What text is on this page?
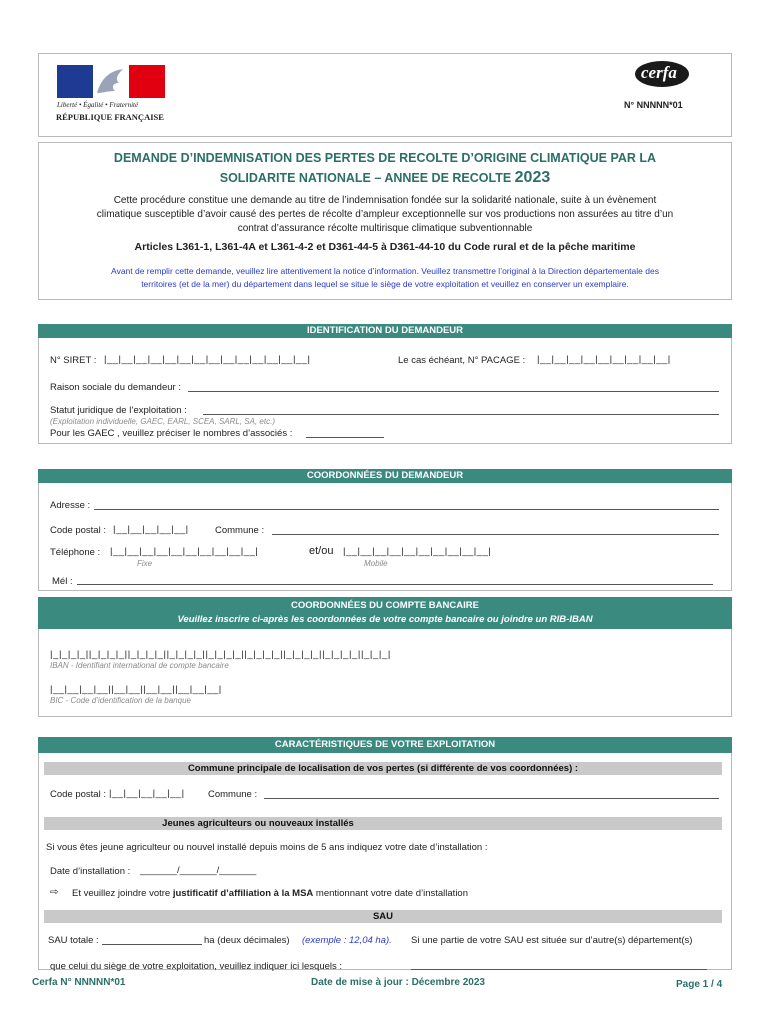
Liberté • Égalité • Fraternité
RÉPUBLIQUE FRANÇAISE
cerfa
N° NNNNN*01
DEMANDE D’INDEMNISATION DES PERTES DE RECOLTE D’ORIGINE CLIMATIQUE PAR LA
SOLIDARITE NATIONALE – ANNEE DE RECOLTE 2023
Cette procédure constitue une demande au titre de l’indemnisation fondée sur la solidarité nationale, suite à un évènement
climatique susceptible d’avoir causé des pertes de récolte d’ampleur exceptionnelle sur vos productions non assurées au titre d’un
contrat d’assurance récolte multirisque climatique subventionnable
Articles L361-1, L361-4A et L361-4-2 et D361-44-5 à D361-44-10 du Code rural et de la pêche maritime
Avant de remplir cette demande, veuillez lire attentivement la notice d’information. Veuillez transmettre l’original à la Direction départementale des
territoires (et de la mer) du département dans lequel se situe le siège de votre exploitation et veuillez en conserver un exemplaire.
IDENTIFICATION DU DEMANDEUR
N° SIRET : |__|__|__|__|__|__|__|__|__|__|__|__|__|__|	Le cas échéant, N° PACAGE : |__|__|__|__|__|__|__|__|__|
Raison sociale du demandeur :
Statut juridique de l’exploitation :
(Exploitation individuelle, GAEC, EARL, SCEA, SARL, SA, etc.)
Pour les GAEC , veuillez préciser le nombres d’associés :
COORDONNÉES DU DEMANDEUR
Adresse :
Code postal : |__|__|__|__|__|	Commune :
Téléphone : |__|__|__|__|__|__|__|__|__|__|	et/ou |__|__|__|__|__|__|__|__|__|__|
Fixe	Mobile
Mél :
COORDONNÉES DU COMPTE BANCAIRE
Veuillez inscrire ci-après les coordonnées de votre compte bancaire ou joindre un RIB-IBAN
|_|_|_|_||_|_|_|_||_|_|_|_||_|_|_|_||_|_|_|_||_|_|_|_||_|_|_|_||_|_|_|_||_|_|_|
IBAN - Identifiant international de compte bancaire
|__|__|__|__||__|__||__|__||__|__|__|
BIC - Code d’identification de la banque
CARACTÉRISTIQUES DE VOTRE EXPLOITATION
Commune principale de localisation de vos pertes (si différente de vos coordonnées) :
Code postal : |__|__|__|__|__| Commune :
Jeunes agriculteurs ou nouveaux installés
Si vous êtes jeune agriculteur ou nouvel installé depuis moins de 5 ans indiquez votre date d’installation :
Date d’installation : _______/_______/_______
⇨ Et veuillez joindre votre justificatif d’affiliation à la MSA mentionnant votre date d’installation
SAU
SAU totale :	ha (deux décimales) (exemple : 12,04 ha). Si une partie de votre SAU est située sur d’autre(s) département(s)
que celui du siège de votre exploitation, veuillez indiquer ici lesquels :
Cerfa N° NNNNN*01	Date de mise à jour : Décembre 2023	Page 1 / 4
